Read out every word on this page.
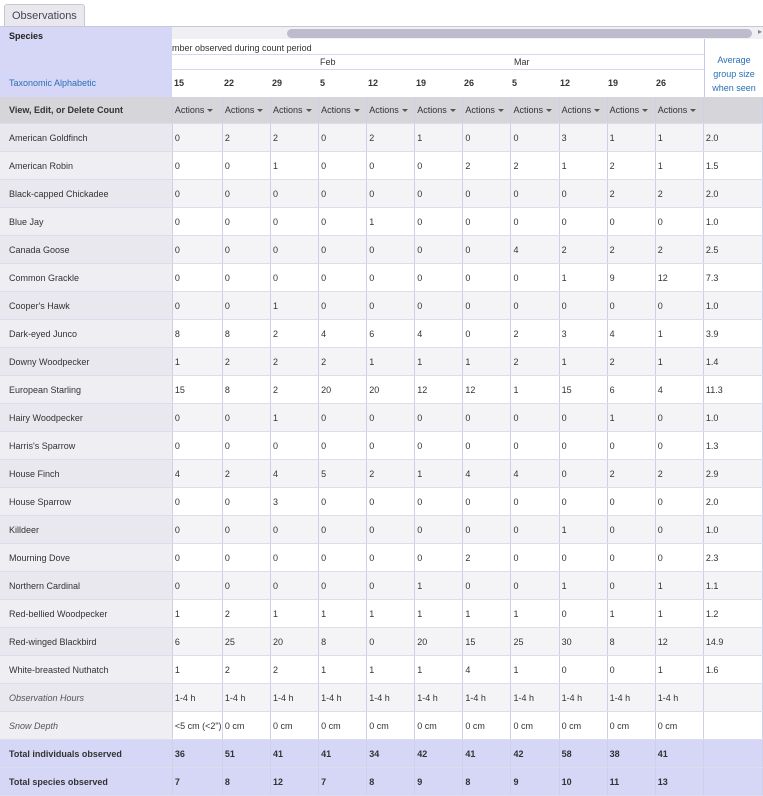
Observations
Species
Taxonomic Alphabetic
▸
mber observed during count period
Feb	Mar
15	22	29	5	12	19	26	5	12	19	26
Average
group size
when seen
View, Edit, or Delete Count	Actions	Actions	Actions	Actions	Actions	Actions	Actions	Actions	Actions	Actions	Actions	
American Goldfinch	0	2	2	0	2	1	0	0	3	1	1	2.0
American Robin	0	0	1	0	0	0	2	2	1	2	1	1.5
Black-capped Chickadee	0	0	0	0	0	0	0	0	0	2	2	2.0
Blue Jay	0	0	0	0	1	0	0	0	0	0	0	1.0
Canada Goose	0	0	0	0	0	0	0	4	2	2	2	2.5
Common Grackle	0	0	0	0	0	0	0	0	1	9	12	7.3
Cooper's Hawk	0	0	1	0	0	0	0	0	0	0	0	1.0
Dark-eyed Junco	8	8	2	4	6	4	0	2	3	4	1	3.9
Downy Woodpecker	1	2	2	2	1	1	1	2	1	2	1	1.4
European Starling	15	8	2	20	20	12	12	1	15	6	4	11.3
Hairy Woodpecker	0	0	1	0	0	0	0	0	0	1	0	1.0
Harris's Sparrow	0	0	0	0	0	0	0	0	0	0	0	1.3
House Finch	4	2	4	5	2	1	4	4	0	2	2	2.9
House Sparrow	0	0	3	0	0	0	0	0	0	0	0	2.0
Killdeer	0	0	0	0	0	0	0	0	1	0	0	1.0
Mourning Dove	0	0	0	0	0	0	2	0	0	0	0	2.3
Northern Cardinal	0	0	0	0	0	1	0	0	1	0	1	1.1
Red-bellied Woodpecker	1	2	1	1	1	1	1	1	0	1	1	1.2
Red-winged Blackbird	6	25	20	8	0	20	15	25	30	8	12	14.9
White-breasted Nuthatch	1	2	2	1	1	1	4	1	0	0	1	1.6
Observation Hours	1-4 h	1-4 h	1-4 h	1-4 h	1-4 h	1-4 h	1-4 h	1-4 h	1-4 h	1-4 h	1-4 h	
Snow Depth	<5 cm (<2")	0 cm	0 cm	0 cm	0 cm	0 cm	0 cm	0 cm	0 cm	0 cm	0 cm	
Total individuals observed	36	51	41	41	34	42	41	42	58	38	41	
Total species observed	7	8	12	7	8	9	8	9	10	11	13	
